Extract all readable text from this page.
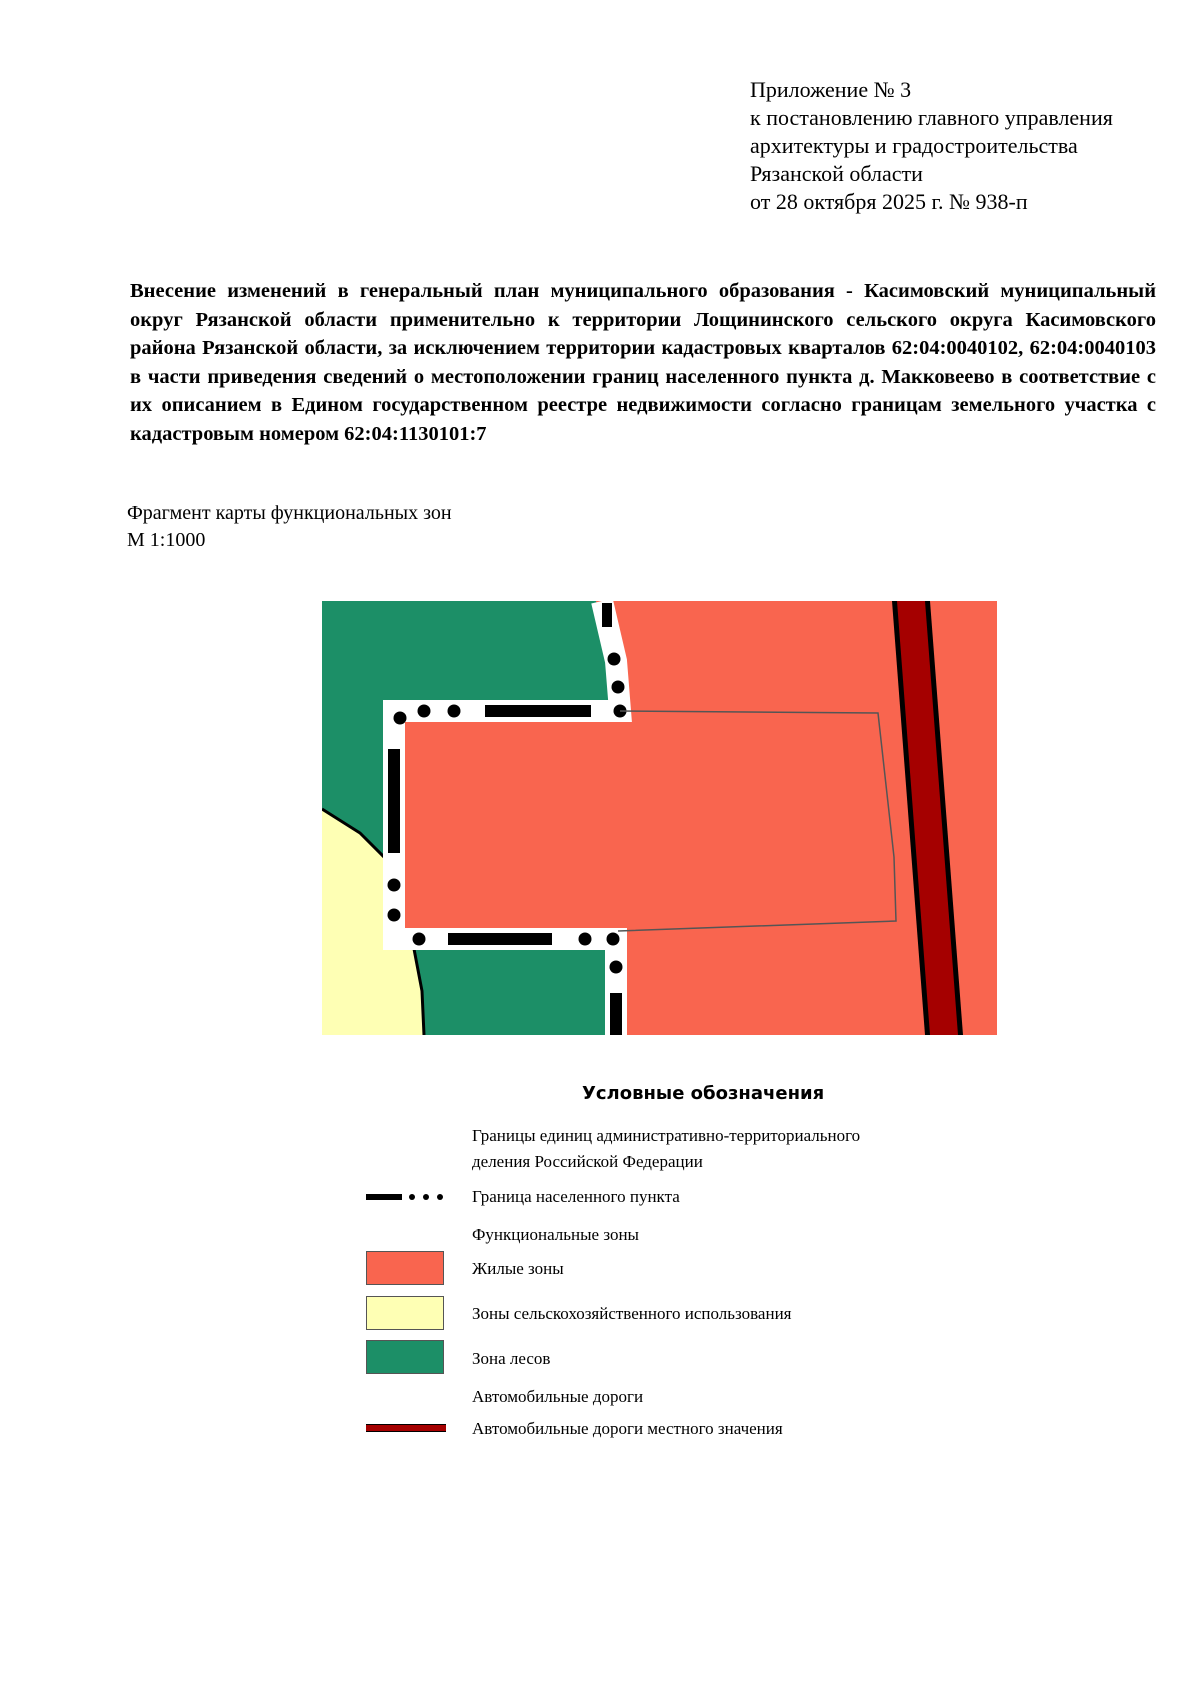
Приложение № 3
к постановлению главного управления
архитектуры и градостроительства
Рязанской области
от 28 октября 2025 г. № 938-п
Внесение изменений в генеральный план муниципального образования - Касимовский муниципальный округ Рязанской области применительно к территории Лощининского сельского округа Касимовского района Рязанской области, за исключением территории кадастровых кварталов 62:04:0040102, 62:04:0040103 в части приведения сведений о местоположении границ населенного пункта д. Макковеево в соответствие с их описанием в Едином государственном реестре недвижимости согласно границам земельного участка с кадастровым номером 62:04:1130101:7
Фрагмент карты функциональных зон
М 1:1000
Условные обозначения
Границы единиц административно-территориального
деления Российской Федерации
Граница населенного пункта
Функциональные зоны
Жилые зоны
Зоны сельскохозяйственного использования
Зона лесов
Автомобильные дороги
Автомобильные дороги местного значения
